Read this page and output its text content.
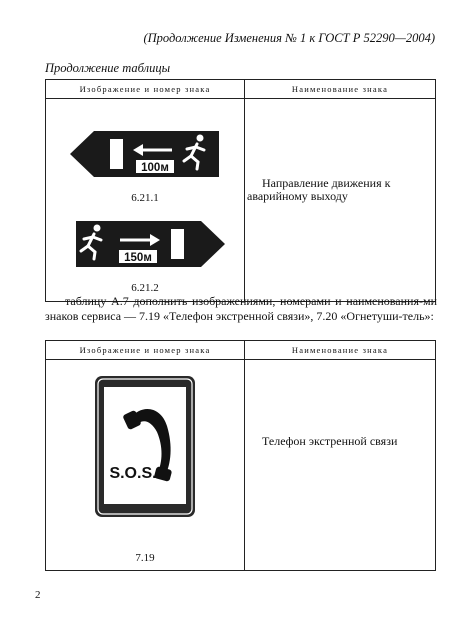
(Продолжение Изменения № 1 к ГОСТ Р 52290—2004)
Продолжение таблицы
Изображение и номер знака	Наименование знака

100м
6.21.1
150м
6.21.2	Направление движения к аварийному выходу
таблицу А.7 дополнить изображениями, номерами и наименования-ми знаков сервиса — 7.19 «Телефон экстренной связи», 7.20 «Огнетуши-тель»:
Изображение и номер знака	Наименование знака

S.O.S.
7.19	Телефон экстренной связи
2
